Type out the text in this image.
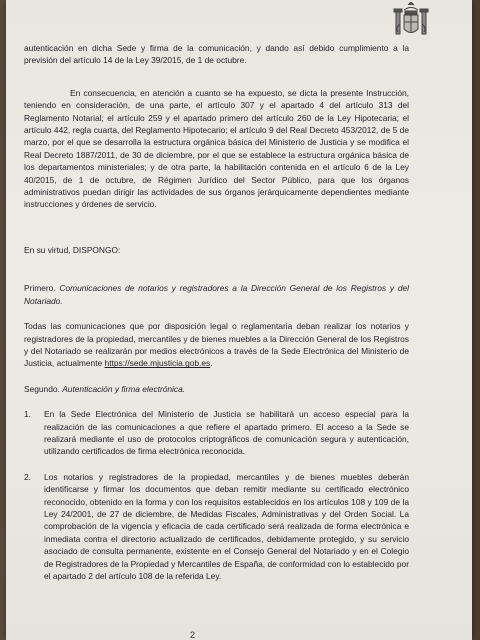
autenticación en dicha Sede y firma de la comunicación, y dando así debido cumplimiento a la previsión del artículo 14 de la Ley 39/2015, de 1 de octubre.

En consecuencia, en atención a cuanto se ha expuesto, se dicta la presente Instrucción, teniendo en consideración, de una parte, el artículo 307 y el apartado 4 del artículo 313 del Reglamento Notarial; el artículo 259 y el apartado primero del artículo 260 de la Ley Hipotecaria; el artículo 442, regla cuarta, del Reglamento Hipotecario; el artículo 9 del Real Decreto 453/2012, de 5 de marzo, por el que se desarrolla la estructura orgánica básica del Ministerio de Justicia y se modifica el Real Decreto 1887/2011, de 30 de diciembre, por el que se establece la estructura orgánica básica de los departamentos ministeriales; y de otra parte, la habilitación contenida en el artículo 6 de la Ley 40/2015, de 1 de octubre, de Régimen Jurídico del Sector Público, para que los órganos administrativos puedan dirigir las actividades de sus órganos jerárquicamente dependientes mediante instrucciones y órdenes de servicio.

En su virtud, DISPONGO:

Primero. Comunicaciones de notarios y registradores a la Dirección General de los Registros y del Notariado.

Todas las comunicaciones que por disposición legal o reglamentaria deban realizar los notarios y registradores de la propiedad, mercantiles y de bienes muebles a la Dirección General de los Registros y del Notariado se realizarán por medios electrónicos a través de la Sede Electrónica del Ministerio de Justicia, actualmente https://sede.mjusticia.gob.es.

Segundo. Autenticación y firma electrónica.

1.	En la Sede Electrónica del Ministerio de Justicia se habilitará un acceso especial para la realización de las comunicaciones a que refiere el apartado primero. El acceso a la Sede se realizará mediante el uso de protocolos criptográficos de comunicación segura y autenticación, utilizando certificados de firma electrónica reconocida.
2.	Los notarios y registradores de la propiedad, mercantiles y de bienes muebles deberán identificarse y firmar los documentos que deban remitir mediante su certificado electrónico reconocido, obtenido en la forma y con los requisitos establecidos en los artículos 108 y 109 de la Ley 24/2001, de 27 de diciembre, de Medidas Fiscales, Administrativas y del Orden Social. La comprobación de la vigencia y eficacia de cada certificado será realizada de forma electrónica e inmediata contra el directorio actualizado de certificados, debidamente protegido, y su servicio asociado de consulta permanente, existente en el Consejo General del Notariado y en el Colegio de Registradores de la Propiedad y Mercantiles de España, de conformidad con lo establecido por el apartado 2 del artículo 108 de la referida Ley.
2
